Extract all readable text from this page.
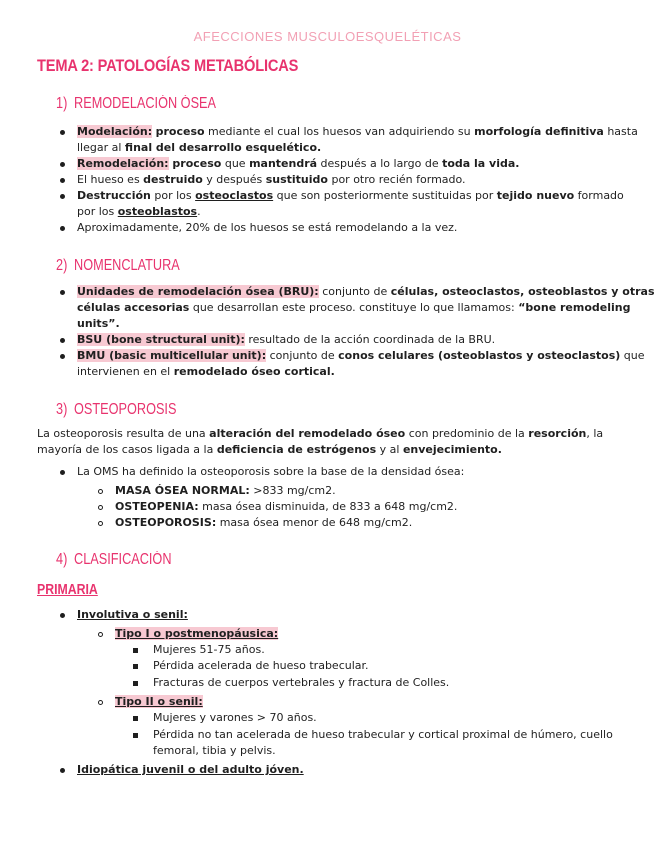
AFECCIONES MUSCULOESQUELÉTICAS
TEMA 2: PATOLOGÍAS METABÓLICAS
1) REMODELACIÓN ÓSEA
Modelación: proceso mediante el cual los huesos van adquiriendo su morfología definitiva hasta
llegar al final del desarrollo esquelético.
Remodelación: proceso que mantendrá después a lo largo de toda la vida.
El hueso es destruido y después sustituido por otro recién formado.
Destrucción por los osteoclastos que son posteriormente sustituidas por tejido nuevo formado
por los osteoblastos.
Aproximadamente, 20% de los huesos se está remodelando a la vez.
2) NOMENCLATURA
Unidades de remodelación ósea (BRU): conjunto de células, osteoclastos, osteoblastos y otras
células accesorias que desarrollan este proceso. constituye lo que llamamos: “bone remodeling
units”.
BSU (bone structural unit): resultado de la acción coordinada de la BRU.
BMU (basic multicellular unit): conjunto de conos celulares (osteoblastos y osteoclastos) que
intervienen en el remodelado óseo cortical.
3) OSTEOPOROSIS
La osteoporosis resulta de una alteración del remodelado óseo con predominio de la resorción, la
mayoría de los casos ligada a la deficiencia de estrógenos y al envejecimiento.
La OMS ha definido la osteoporosis sobre la base de la densidad ósea:
MASA ÓSEA NORMAL: >833 mg/cm2.
OSTEOPENIA: masa ósea disminuida, de 833 a 648 mg/cm2.
OSTEOPOROSIS: masa ósea menor de 648 mg/cm2.
4) CLASIFICACIÓN
PRIMARIA
Involutiva o senil:
Tipo I o postmenopáusica:
Mujeres 51-75 años.
Pérdida acelerada de hueso trabecular.
Fracturas de cuerpos vertebrales y fractura de Colles.
Tipo II o senil:
Mujeres y varones > 70 años.
Pérdida no tan acelerada de hueso trabecular y cortical proximal de húmero, cuello
femoral, tibia y pelvis.
Idiopática juvenil o del adulto jóven.
